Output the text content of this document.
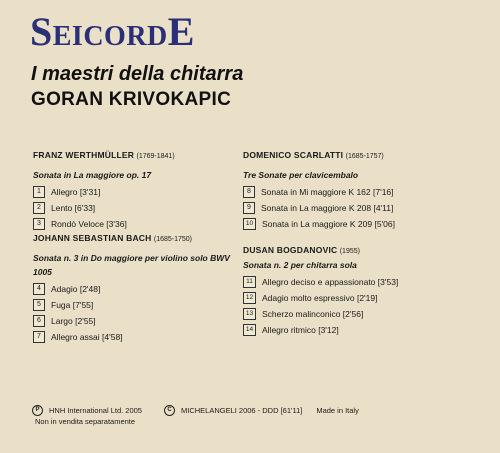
SEICORDE
I maestri della chitarra
GORAN KRIVOKAPIC
FRANZ WERTHMÜLLER (1769-1841)
Sonata in La maggiore op. 17
1	Allegro [3'31]
2	Lento [6'33]
3	Rondò Veloce [3'36]
JOHANN SEBASTIAN BACH (1685-1750)
Sonata n. 3 in Do maggiore per violino solo BWV 1005
4	Adagio [2'48]
5	Fuga [7'55]
6	Largo [2'55]
7	Allegro assai [4'58]
DOMENICO SCARLATTI (1685-1757)
Tre Sonate per clavicembalo
8	Sonata in Mi maggiore K 162 [7'16]
9	Sonata in La maggiore K 208 [4'11]
10	Sonata in La maggiore K 209 [5'06]
DUSAN BOGDANOVIC (1955)
Sonata n. 2 per chitarra sola
11	Allegro deciso e appassionato [3'53]
12	Adagio molto espressivo [2'19]
13	Scherzo malinconico [2'56]
14	Allegro ritmico [3'12]
P	HNH International Ltd. 2005	C	MICHELANGELI 2006 - DDD [61'11] Made in Italy
Non in vendita separatamente
